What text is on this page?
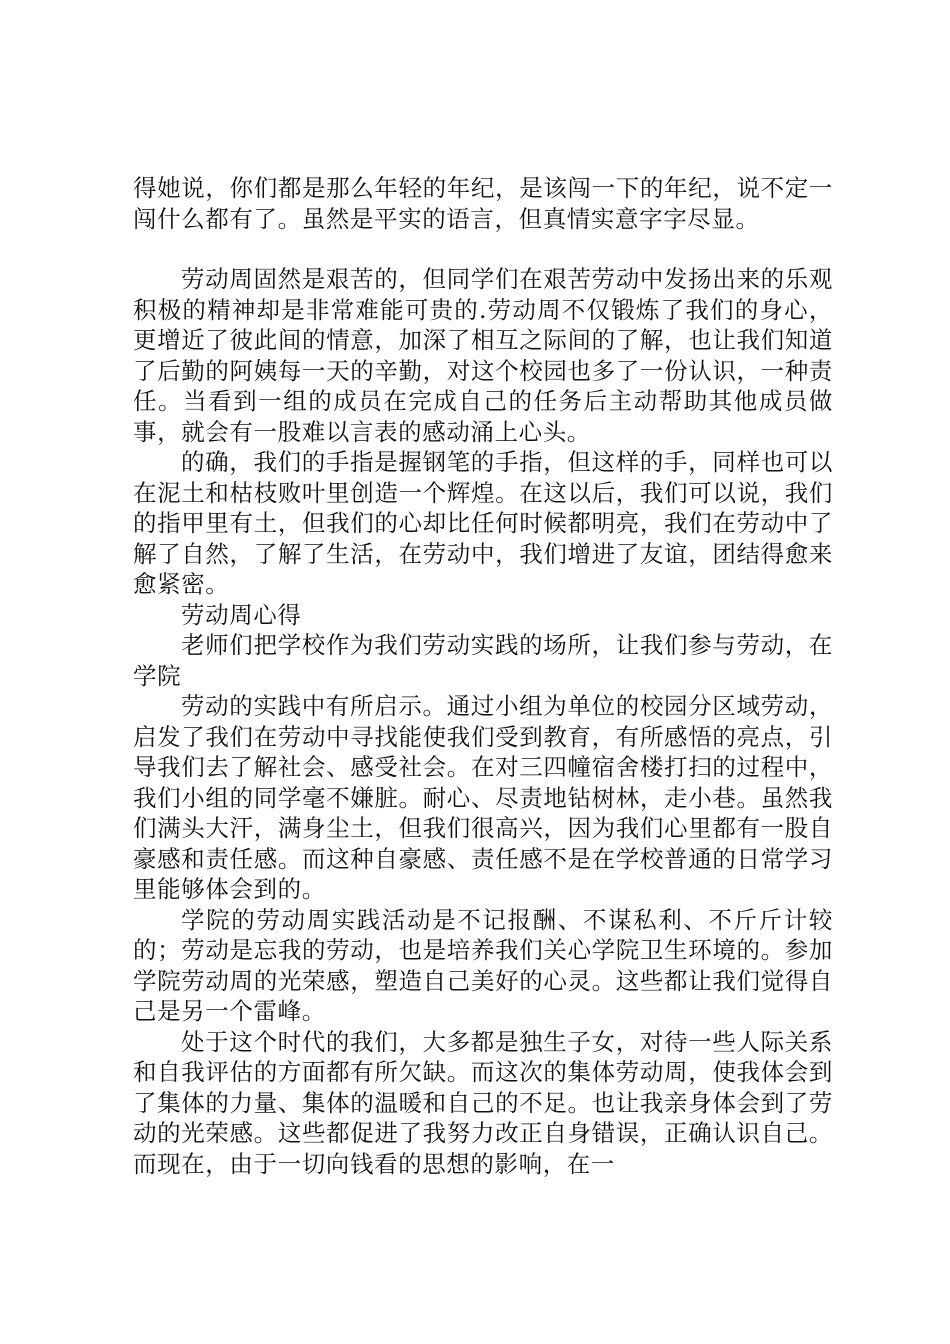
得她说，你们都是那么年轻的年纪，是该闯一下的年纪，说不定一闯什么都有了。虽然是平实的语言，但真情实意字字尽显。

劳动周固然是艰苦的，但同学们在艰苦劳动中发扬出来的乐观积极的精神却是非常难能可贵的.劳动周不仅锻炼了我们的身心，更增近了彼此间的情意，加深了相互之际间的了解，也让我们知道了后勤的阿姨每一天的辛勤，对这个校园也多了一份认识，一种责任。当看到一组的成员在完成自己的任务后主动帮助其他成员做事，就会有一股难以言表的感动涌上心头。

的确，我们的手指是握钢笔的手指，但这样的手，同样也可以在泥土和枯枝败叶里创造一个辉煌。在这以后，我们可以说，我们的指甲里有土，但我们的心却比任何时候都明亮，我们在劳动中了解了自然，了解了生活，在劳动中，我们增进了友谊，团结得愈来愈紧密。

劳动周心得

老师们把学校作为我们劳动实践的场所，让我们参与劳动，在学院

劳动的实践中有所启示。通过小组为单位的校园分区域劳动，启发了我们在劳动中寻找能使我们受到教育，有所感悟的亮点，引导我们去了解社会、感受社会。在对三四幢宿舍楼打扫的过程中，我们小组的同学毫不嫌脏。耐心、尽责地钻树林，走小巷。虽然我们满头大汗，满身尘土，但我们很高兴，因为我们心里都有一股自豪感和责任感。而这种自豪感、责任感不是在学校普通的日常学习里能够体会到的。

学院的劳动周实践活动是不记报酬、不谋私利、不斤斤计较的；劳动是忘我的劳动，也是培养我们关心学院卫生环境的。参加学院劳动周的光荣感，塑造自己美好的心灵。这些都让我们觉得自己是另一个雷峰。

处于这个时代的我们，大多都是独生子女，对待一些人际关系和自我评估的方面都有所欠缺。而这次的集体劳动周，使我体会到了集体的力量、集体的温暖和自己的不足。也让我亲身体会到了劳动的光荣感。这些都促进了我努力改正自身错误，正确认识自己。而现在，由于一切向钱看的思想的影响，在一
